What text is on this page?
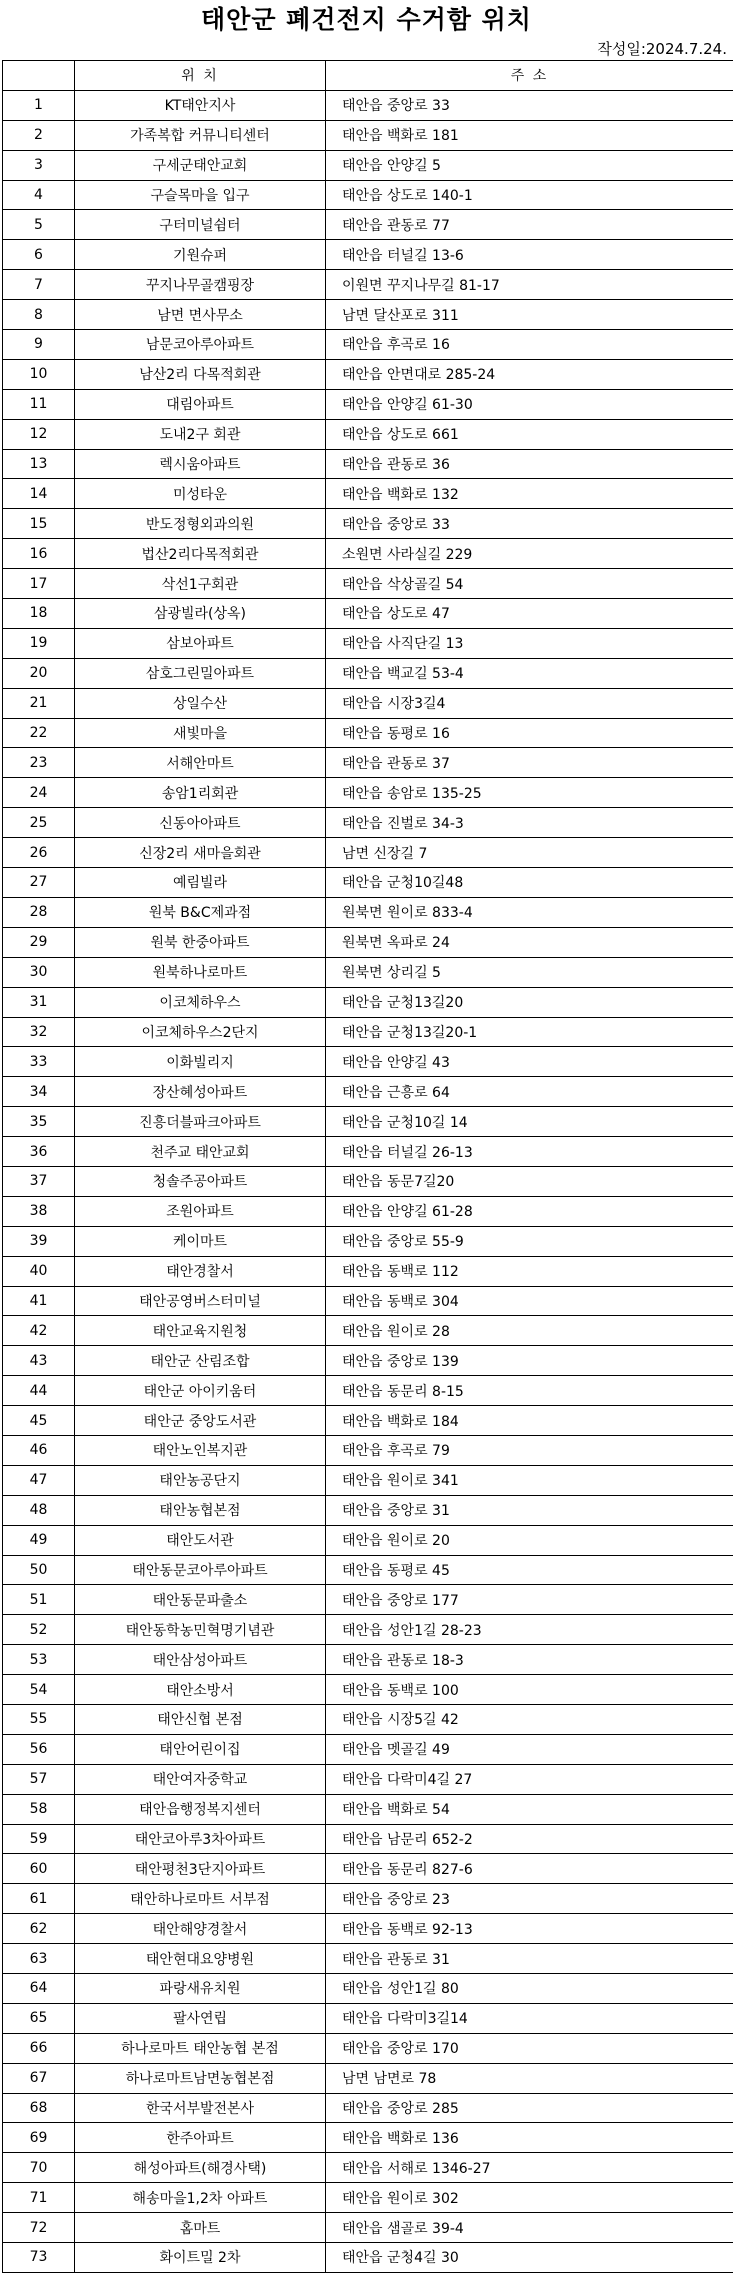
태안군 폐건전지 수거함 위치
작성일:2024.7.24.
	위 치	주 소
1	KT태안지사	태안읍 중앙로 33
2	가족복합 커뮤니티센터	태안읍 백화로 181
3	구세군태안교회	태안읍 안양길 5
4	구슬목마을 입구	태안읍 상도로 140-1
5	구터미널쉼터	태안읍 관동로 77
6	기원슈퍼	태안읍 터널길 13-6
7	꾸지나무골캠핑장	이원면 꾸지나무길 81-17
8	남면 면사무소	남면 달산포로 311
9	남문코아루아파트	태안읍 후곡로 16
10	남산2리 다목적회관	태안읍 안면대로 285-24
11	대림아파트	태안읍 안양길 61-30
12	도내2구 회관	태안읍 상도로 661
13	렉시움아파트	태안읍 관동로 36
14	미성타운	태안읍 백화로 132
15	반도정형외과의원	태안읍 중앙로 33
16	법산2리다목적회관	소원면 사라실길 229
17	삭선1구회관	태안읍 삭상골길 54
18	삼광빌라(상옥)	태안읍 상도로 47
19	삼보아파트	태안읍 사직단길 13
20	삼호그린밀아파트	태안읍 백교길 53-4
21	상일수산	태안읍 시장3길4
22	새빛마을	태안읍 동평로 16
23	서해안마트	태안읍 관동로 37
24	송암1리회관	태안읍 송암로 135-25
25	신동아아파트	태안읍 진벌로 34-3
26	신장2리 새마을회관	남면 신장길 7
27	예림빌라	태안읍 군청10길48
28	원북 B&C제과점	원북면 원이로 833-4
29	원북 한중아파트	원북면 옥파로 24
30	원북하나로마트	원북면 상리길 5
31	이코체하우스	태안읍 군청13길20
32	이코체하우스2단지	태안읍 군청13길20-1
33	이화빌리지	태안읍 안양길 43
34	장산혜성아파트	태안읍 근흥로 64
35	진흥더블파크아파트	태안읍 군청10길 14
36	천주교 태안교회	태안읍 터널길 26-13
37	청솔주공아파트	태안읍 동문7길20
38	조원아파트	태안읍 안양길 61-28
39	케이마트	태안읍 중앙로 55-9
40	태안경찰서	태안읍 동백로 112
41	태안공영버스터미널	태안읍 동백로 304
42	태안교육지원청	태안읍 원이로 28
43	태안군 산림조합	태안읍 중앙로 139
44	태안군 아이키움터	태안읍 동문리 8-15
45	태안군 중앙도서관	태안읍 백화로 184
46	태안노인복지관	태안읍 후곡로 79
47	태안농공단지	태안읍 원이로 341
48	태안농협본점	태안읍 중앙로 31
49	태안도서관	태안읍 원이로 20
50	태안동문코아루아파트	태안읍 동평로 45
51	태안동문파출소	태안읍 중앙로 177
52	태안동학농민혁명기념관	태안읍 성안1길 28-23
53	태안삼성아파트	태안읍 관동로 18-3
54	태안소방서	태안읍 동백로 100
55	태안신협 본점	태안읍 시장5길 42
56	태안어린이집	태안읍 멧골길 49
57	태안여자중학교	태안읍 다락미4길 27
58	태안읍행정복지센터	태안읍 백화로 54
59	태안코아루3차아파트	태안읍 남문리 652-2
60	태안평천3단지아파트	태안읍 동문리 827-6
61	태안하나로마트 서부점	태안읍 중앙로 23
62	태안해양경찰서	태안읍 동백로 92-13
63	태안현대요양병원	태안읍 관동로 31
64	파랑새유치원	태안읍 성안1길 80
65	팔사연립	태안읍 다락미3길14
66	하나로마트 태안농협 본점	태안읍 중앙로 170
67	하나로마트남면농협본점	남면 남면로 78
68	한국서부발전본사	태안읍 중앙로 285
69	한주아파트	태안읍 백화로 136
70	해성아파트(해경사택)	태안읍 서해로 1346-27
71	해송마을1,2차 아파트	태안읍 원이로 302
72	홈마트	태안읍 샘골로 39-4
73	화이트밀 2차	태안읍 군청4길 30
